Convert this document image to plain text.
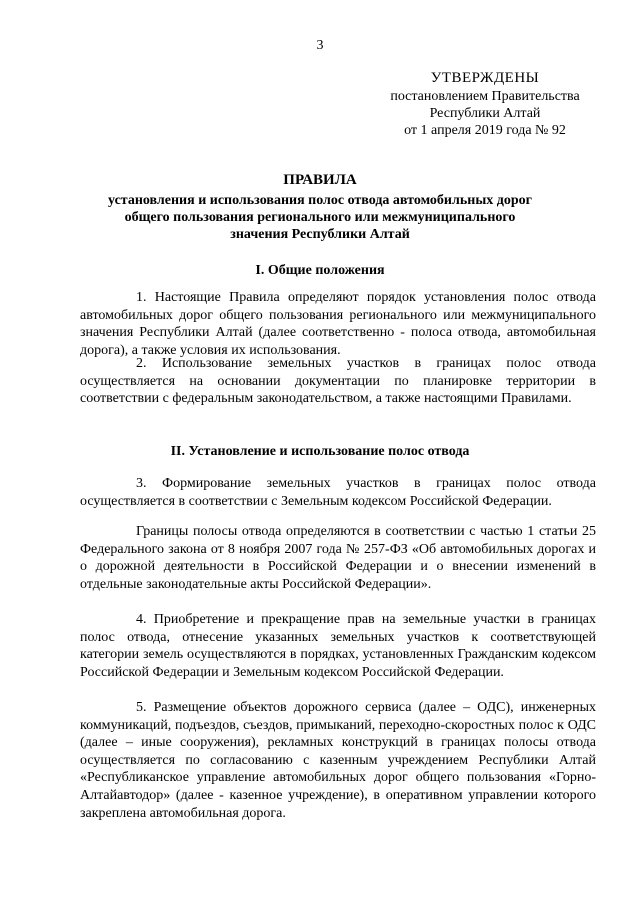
3
УТВЕРЖДЕНЫ
постановлением Правительства
Республики Алтай
от 1 апреля 2019 года № 92
ПРАВИЛА
установления и использования полос отвода автомобильных дорог общего пользования регионального или межмуниципального значения Республики Алтай
I. Общие положения

1. Настоящие Правила определяют порядок установления полос отвода автомобильных дорог общего пользования регионального или межмуниципального значения Республики Алтай (далее соответственно - полоса отвода, автомобильная дорога), а также условия их использования.

2. Использование земельных участков в границах полос отвода осуществляется на основании документации по планировке территории в соответствии с федеральным законодательством, а также настоящими Правилами.

II. Установление и использование полос отвода

3. Формирование земельных участков в границах полос отвода осуществляется в соответствии с Земельным кодексом Российской Федерации.

Границы полосы отвода определяются в соответствии с частью 1 статьи 25 Федерального закона от 8 ноября 2007 года № 257-ФЗ «Об автомобильных дорогах и о дорожной деятельности в Российской Федерации и о внесении изменений в отдельные законодательные акты Российской Федерации».

4. Приобретение и прекращение прав на земельные участки в границах полос отвода, отнесение указанных земельных участков к соответствующей категории земель осуществляются в порядках, установленных Гражданским кодексом Российской Федерации и Земельным кодексом Российской Федерации.

5. Размещение объектов дорожного сервиса (далее – ОДС), инженерных коммуникаций, подъездов, съездов, примыканий, переходно-скоростных полос к ОДС (далее – иные сооружения), рекламных конструкций в границах полосы отвода осуществляется по согласованию с казенным учреждением Республики Алтай «Республиканское управление автомобильных дорог общего пользования «Горно-Алтайавтодор» (далее - казенное учреждение), в оперативном управлении которого закреплена автомобильная дорога.
